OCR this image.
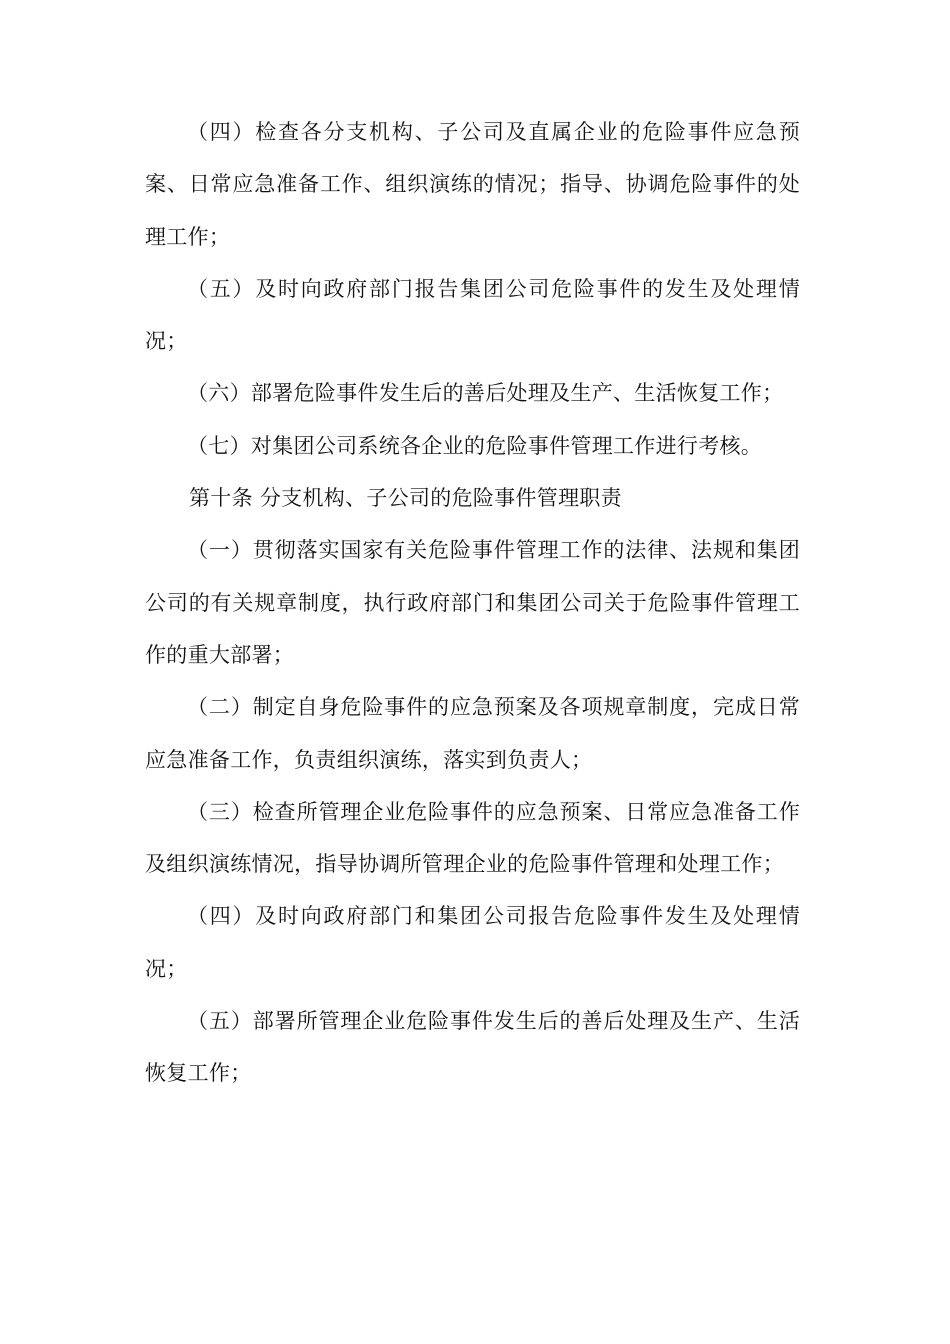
（四）检查各分支机构、子公司及直属企业的危险事件应急预案、日常应急准备工作、组织演练的情况；指导、协调危险事件的处理工作；

（五）及时向政府部门报告集团公司危险事件的发生及处理情况；

（六）部署危险事件发生后的善后处理及生产、生活恢复工作；

（七）对集团公司系统各企业的危险事件管理工作进行考核。

第十条 分支机构、子公司的危险事件管理职责

（一）贯彻落实国家有关危险事件管理工作的法律、法规和集团公司的有关规章制度，执行政府部门和集团公司关于危险事件管理工作的重大部署；

（二）制定自身危险事件的应急预案及各项规章制度，完成日常应急准备工作，负责组织演练，落实到负责人；

（三）检查所管理企业危险事件的应急预案、日常应急准备工作及组织演练情况，指导协调所管理企业的危险事件管理和处理工作；

（四）及时向政府部门和集团公司报告危险事件发生及处理情况；

（五）部署所管理企业危险事件发生后的善后处理及生产、生活恢复工作；
